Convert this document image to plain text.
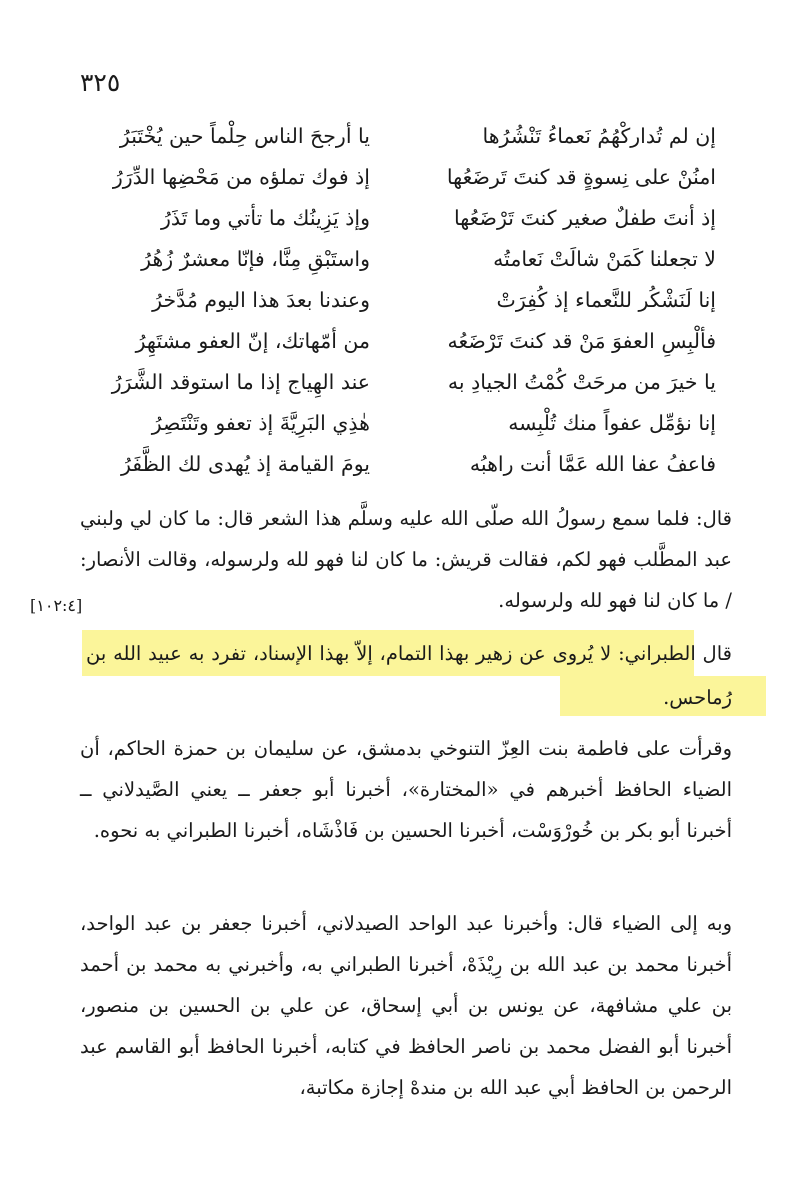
٣٢٥
إن لم تُداركْهُمُ نَعماءُ تَنْشُرُها
يا أرجحَ الناس حِلْماً حين يُخْتَبَرُ
امنُنْ على نِسوةٍ قد كنتَ تَرضَعُها
إذ فوك تملؤه من مَحْضِها الدِّرَرُ
إذ أنتَ طفلٌ صغير كنتَ تَرْضَعُها
وإذ يَزِينُك ما تأتي وما تَذَرُ
لا تجعلنا كَمَنْ شالَتْ نَعامتُه
واستَبْقِ مِنَّا، فإنّا معشرٌ زُهُرُ
إنا لَنَشْكُر للنَّعماء إذ كُفِرَتْ
وعندنا بعدَ هذا اليوم مُدَّخرُ
فألْبِسِ العفوَ مَنْ قد كنتَ تَرْضَعُه
من أمّهاتك، إنّ العفو مشتَهِرُ
يا خيرَ من مرحَتْ كُمْتُ الجيادِ به
عند الهِياج إذا ما استوقد الشَّرَرُ
إنا نؤمِّل عفواً منك تُلْبِسه
هٰذِي البَرِيَّةَ إذ تعفو وتَنْتَصِرُ
فاعفُ عفا الله عَمَّا أنت راهبُه
يومَ القيامة إذ يُهدى لك الظَّفَرُ
قال: فلما سمع رسولُ الله صلّى الله عليه وسلَّم هذا الشعر قال: ما كان لي ولبني عبد المطَّلب فهو لكم، فقالت قريش: ما كان لنا فهو لله ولرسوله، وقالت الأنصار: / ما كان لنا فهو لله ولرسوله.
[١٠٢:٤]
قال الطبراني: لا يُروى عن زهير بهذا التمام، إلاّ بهذا الإسناد، تفرد به عبيد الله بن رُماحس.
وقرأت على فاطمة بنت العِزّ التنوخي بدمشق، عن سليمان بن حمزة الحاكم، أن الضياء الحافظ أخبرهم في «المختارة»، أخبرنا أبو جعفر ــ يعني الصَّيدلاني ــ أخبرنا أبو بكر بن خُورْوَسْت، أخبرنا الحسين بن فَاذْشَاه، أخبرنا الطبراني به نحوه.
وبه إلى الضياء قال: وأخبرنا عبد الواحد الصيدلاني، أخبرنا جعفر بن عبد الواحد، أخبرنا محمد بن عبد الله بن رِيْذَهْ، أخبرنا الطبراني به، وأخبرني به محمد بن أحمد بن علي مشافهة، عن يونس بن أبي إسحاق، عن علي بن الحسين بن منصور، أخبرنا أبو الفضل محمد بن ناصر الحافظ في كتابه، أخبرنا الحافظ أبو القاسم عبد الرحمن بن الحافظ أبي عبد الله بن مندهْ إجازة مكاتبة،
